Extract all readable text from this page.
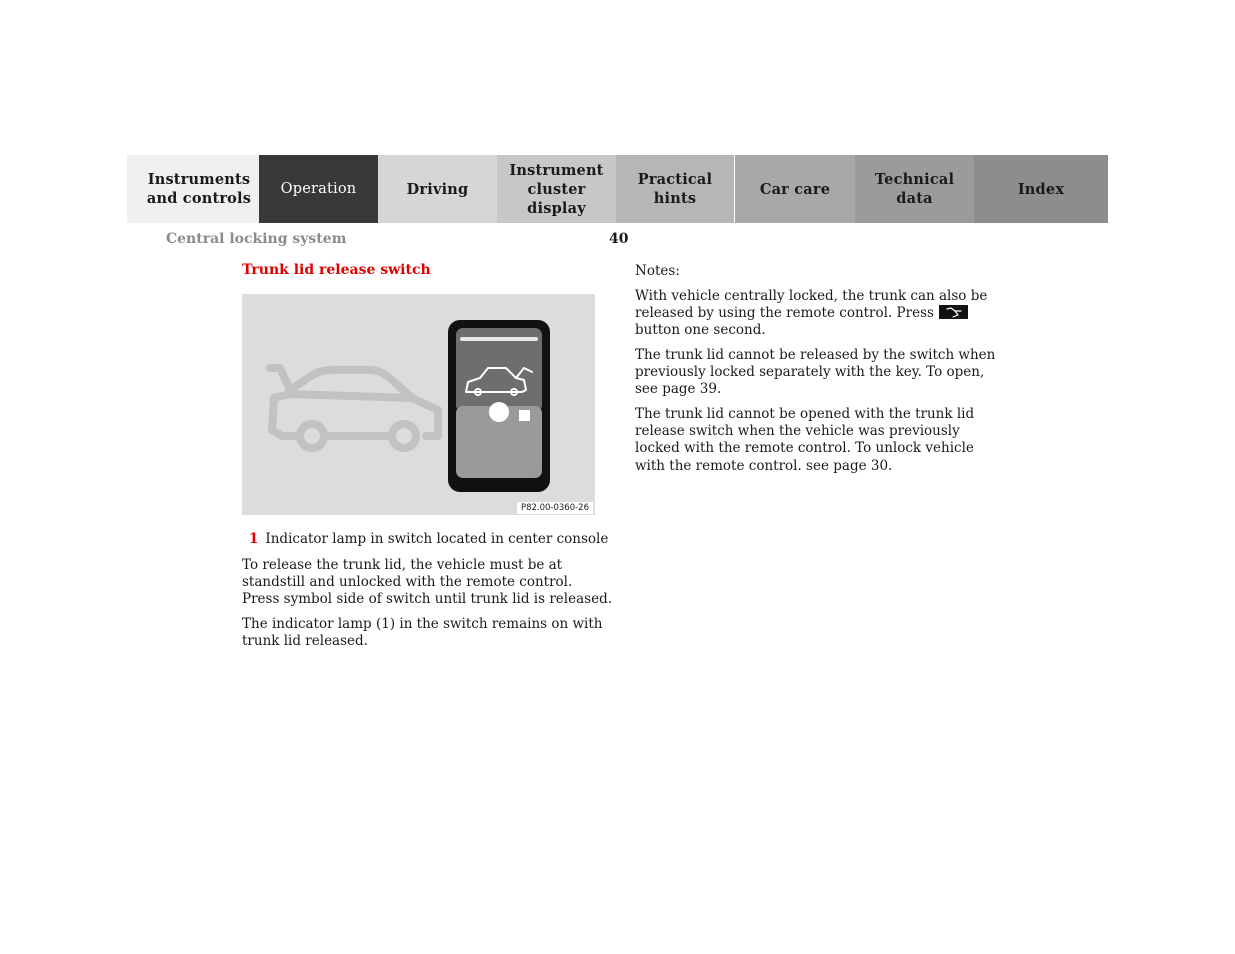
Instruments
and controls
Operation	Driving
Instrument
cluster display
Practical hints
Car care
Technical
data
Index
Central locking system	40
Trunk lid release switch
P82.00-0360-26
1 Indicator lamp in switch located in center console
To release the trunk lid, the vehicle must be at standstill and unlocked with the remote control. Press symbol side of switch until trunk lid is released.
The indicator lamp (1) in the switch remains on with trunk lid released.
Notes:
With vehicle centrally locked, the trunk can also be released by using the remote control. Press
button one second.
The trunk lid cannot be released by the switch when previously locked separately with the key. To open, see page 39.
The trunk lid cannot be opened with the trunk lid release switch when the vehicle was previously locked with the remote control. To unlock vehicle with the remote control. see page 30.
